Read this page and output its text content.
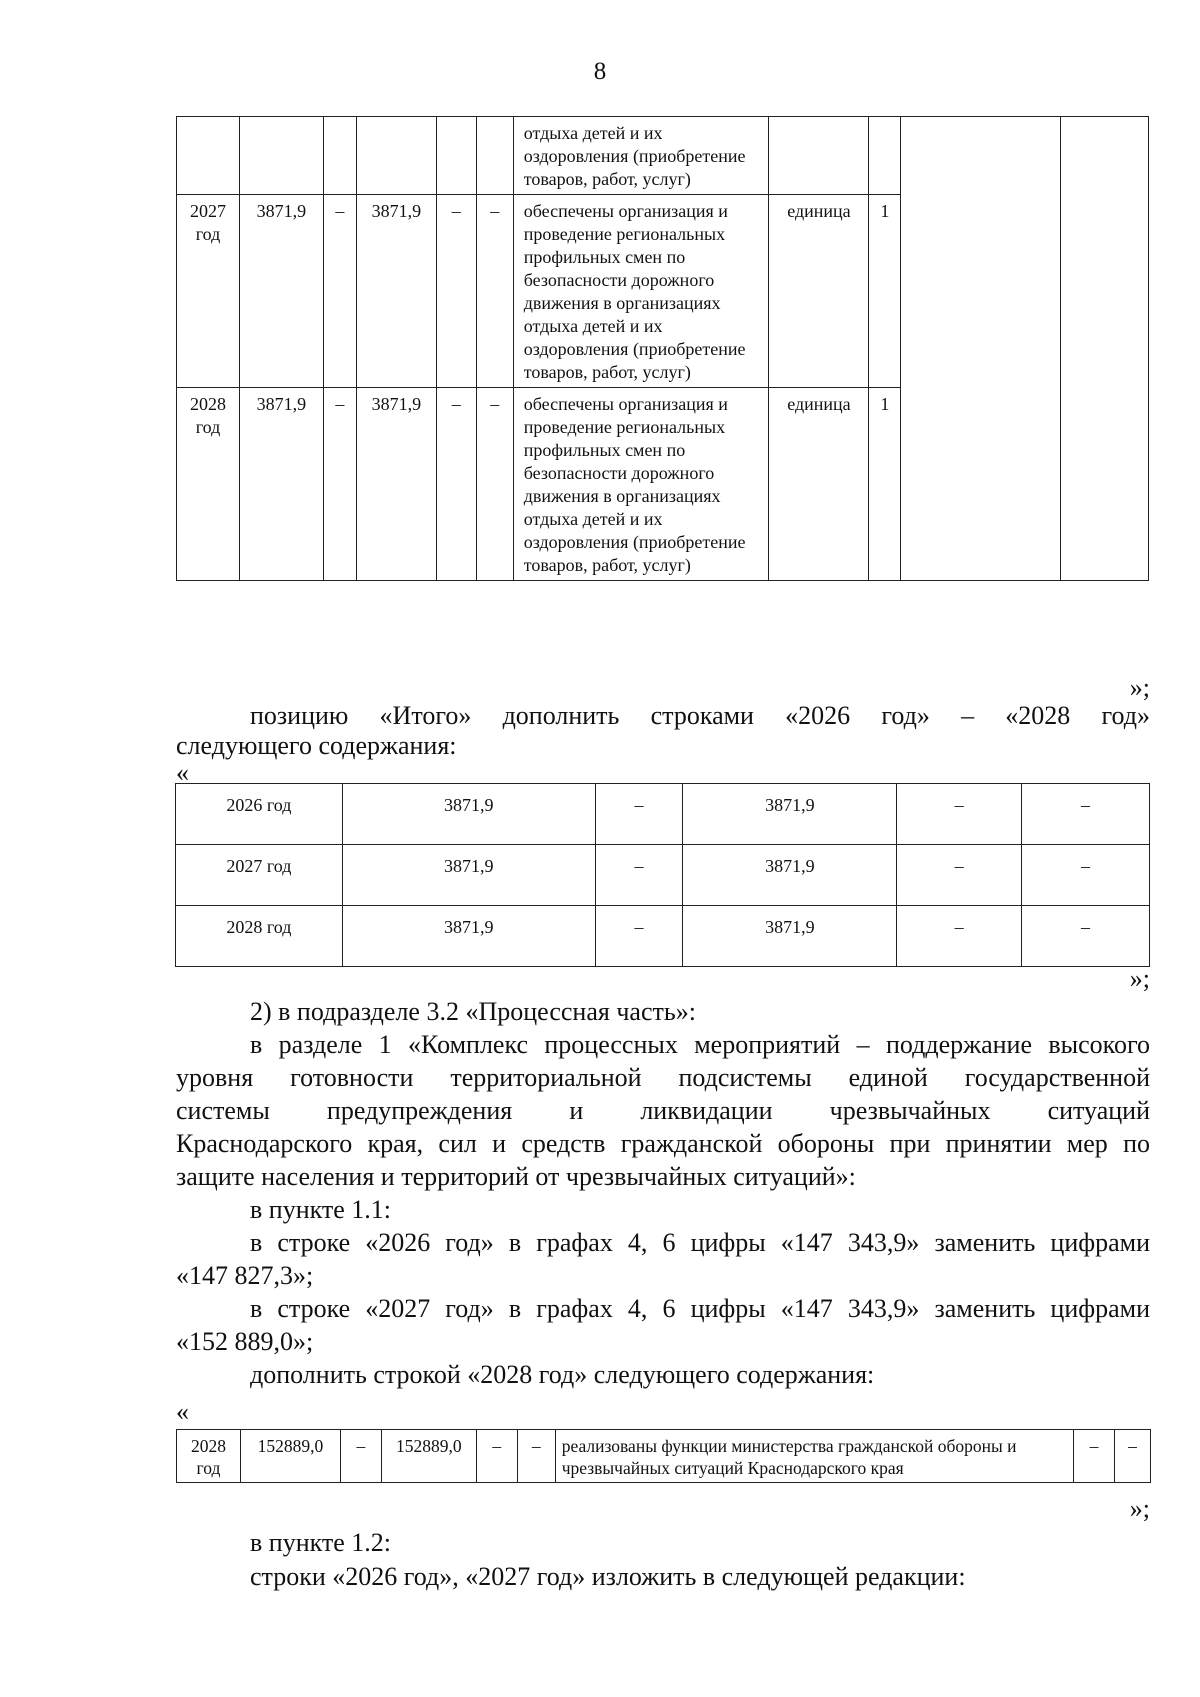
8
						отдыха детей и их оздоровления (приобретение товаров, работ, услуг)				
2027 год	3871,9	–	3871,9	–	–	обеспечены организация и проведение региональных профильных смен по безопасности дорожного движения в организациях отдыха детей и их оздоровления (приобретение товаров, работ, услуг)	единица	1		
2028 год	3871,9	–	3871,9	–	–	обеспечены организация и проведение региональных профильных смен по безопасности дорожного движения в организациях отдыха детей и их оздоровления (приобретение товаров, работ, услуг)	единица	1		
»;
позицию «Итого» дополнить строками «2026 год» – «2028 год»
следующего содержания:
«
2026 год	3871,9	–	3871,9	–	–
2027 год	3871,9	–	3871,9	–	–
2028 год	3871,9	–	3871,9	–	–
»;
2) в подразделе 3.2 «Процессная часть»:
в разделе 1 «Комплекс процессных мероприятий – поддержание высокого
уровня готовности территориальной подсистемы единой государственной
системы предупреждения и ликвидации чрезвычайных ситуаций
Краснодарского края, сил и средств гражданской обороны при принятии мер по
защите населения и территорий от чрезвычайных ситуаций»:
в пункте 1.1:
в строке «2026 год» в графах 4, 6 цифры «147 343,9» заменить цифрами
«147 827,3»;
в строке «2027 год» в графах 4, 6 цифры «147 343,9» заменить цифрами
«152 889,0»;
дополнить строкой «2028 год» следующего содержания:
«
2028 год	152889,0	–	152889,0	–	–	реализованы функции министерства гражданской обороны и чрезвычайных ситуаций Краснодарского края	–	–
»;
в пункте 1.2:
строки «2026 год», «2027 год» изложить в следующей редакции:
